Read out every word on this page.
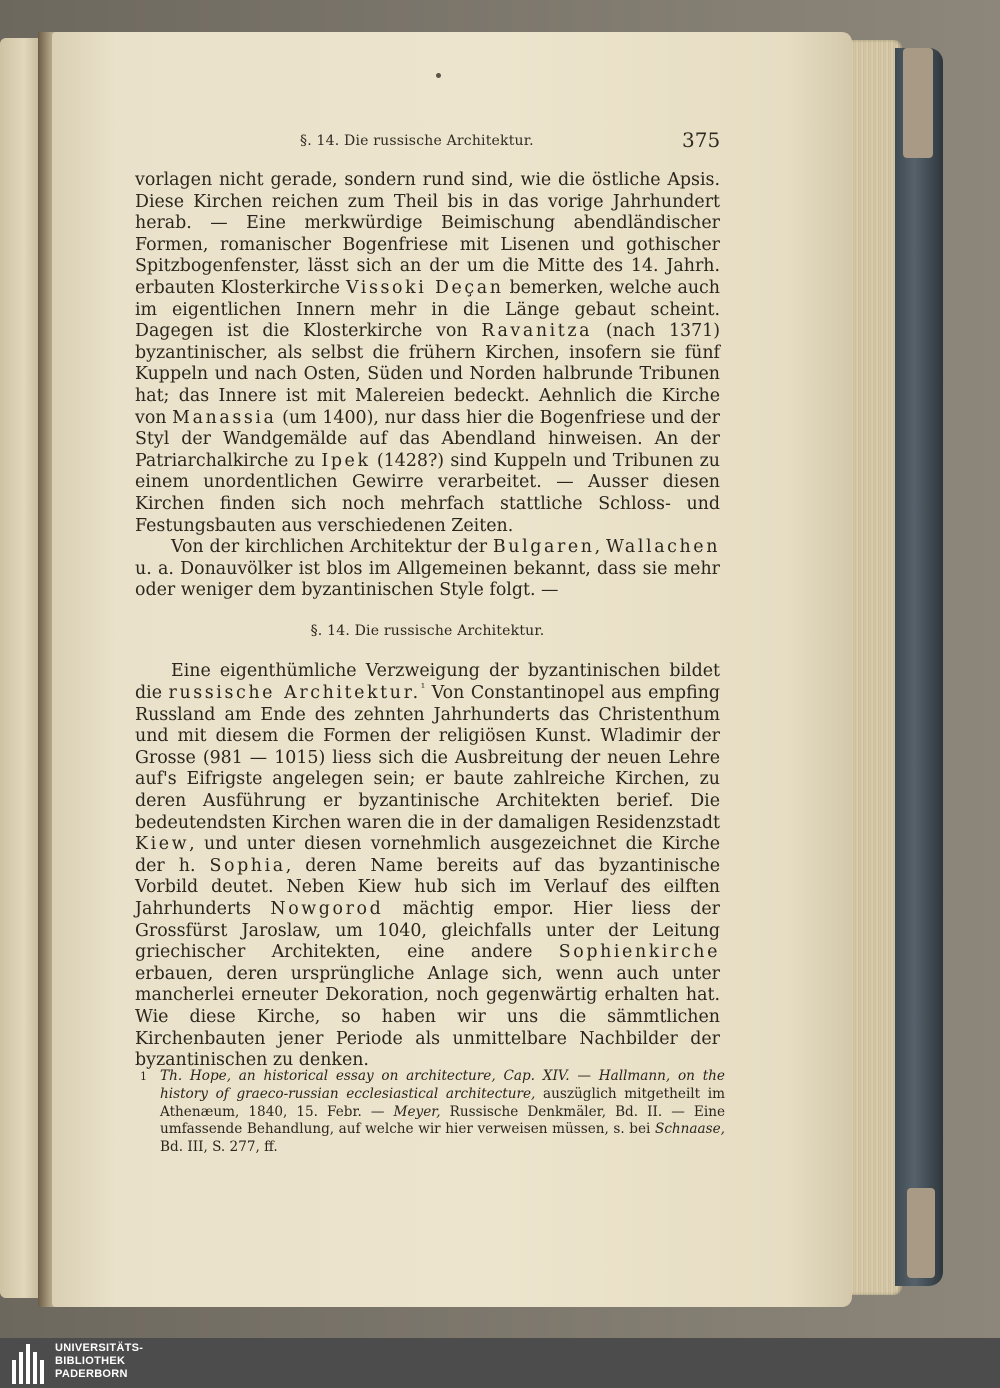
§. 14. Die russische Architektur.	375

vorlagen nicht gerade, sondern rund sind, wie die östliche Apsis. Diese Kirchen reichen zum Theil bis in das vorige Jahrhundert herab. — Eine merkwürdige Beimischung abendländischer Formen, romanischer Bogenfriese mit Lisenen und gothischer Spitzbogenfenster, lässt sich an der um die Mitte des 14. Jahrh. erbauten Klosterkirche Vissoki Deçan bemerken, welche auch im eigentlichen Innern mehr in die Länge gebaut scheint. Dagegen ist die Klosterkirche von Ravanitza (nach 1371) byzantinischer, als selbst die frühern Kirchen, insofern sie fünf Kuppeln und nach Osten, Süden und Norden halbrunde Tribunen hat; das Innere ist mit Malereien bedeckt. Aehnlich die Kirche von Manassia (um 1400), nur dass hier die Bogenfriese und der Styl der Wandgemälde auf das Abendland hinweisen. An der Patriarchalkirche zu Ipek (1428?) sind Kuppeln und Tribunen zu einem unordentlichen Gewirre verarbeitet. — Ausser diesen Kirchen finden sich noch mehrfach stattliche Schloss- und Festungsbauten aus verschiedenen Zeiten.

Von der kirchlichen Architektur der Bulgaren, Wallachen u. a. Donauvölker ist blos im Allgemeinen bekannt, dass sie mehr oder weniger dem byzantinischen Style folgt. —

§. 14. Die russische Architektur.

Eine eigenthümliche Verzweigung der byzantinischen bildet die russische Architektur.$^{^1}$ Von Constantinopel aus empfing Russland am Ende des zehnten Jahrhunderts das Christenthum und mit diesem die Formen der religiösen Kunst. Wladimir der Grosse (981 — 1015) liess sich die Ausbreitung der neuen Lehre auf's Eifrigste angelegen sein; er baute zahlreiche Kirchen, zu deren Ausführung er byzantinische Architekten berief. Die bedeutendsten Kirchen waren die in der damaligen Residenzstadt Kiew, und unter diesen vornehmlich ausgezeichnet die Kirche der h. Sophia, deren Name bereits auf das byzantinische Vorbild deutet. Neben Kiew hub sich im Verlauf des eilften Jahrhunderts Nowgorod mächtig empor. Hier liess der Grossfürst Jaroslaw, um 1040, gleichfalls unter der Leitung griechischer Architekten, eine andere Sophienkirche erbauen, deren ursprüngliche Anlage sich, wenn auch unter mancherlei erneuter Dekoration, noch gegenwärtig erhalten hat. Wie diese Kirche, so haben wir uns die sämmtlichen Kirchenbauten jener Periode als unmittelbare Nachbilder der byzantinischen zu denken.

1 Th. Hope, an historical essay on architecture, Cap. XIV. — Hallmann, on the history of graeco-russian ecclesiastical architecture, auszüglich mitgetheilt im Athenæum, 1840, 15. Febr. — Meyer, Russische Denkmäler, Bd. II. — Eine umfassende Behandlung, auf welche wir hier verweisen müssen, s. bei Schnaase, Bd. III, S. 277, ff.
UNIVERSITÄTS-
BIBLIOTHEK
PADERBORN
